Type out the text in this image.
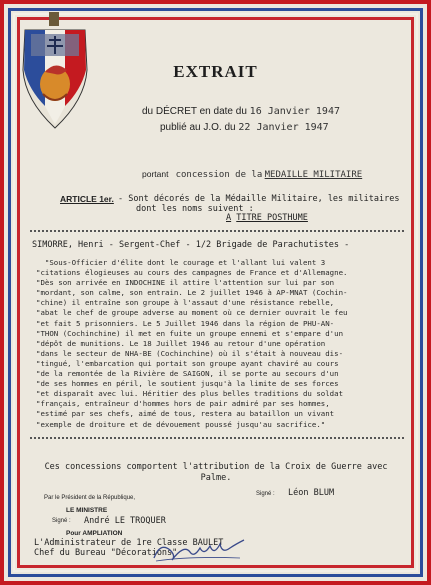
EXTRAIT
du DÉCRET en date du 16 Janvier 1947
publié au J.O. du 22 Janvier 1947
portant concession de la MEDAILLE MILITAIRE
ARTICLE 1er. - Sont décorés de la Médaille Militaire, les militaires
dont les noms suivent :
A TITRE POSTHUME
SIMORRE, Henri - Sergent-Chef - 1/2 Brigade de Parachutistes -
"Sous-Officier d'élite dont le courage et l'allant lui valent 3
"citations élogieuses au cours des campagnes de France et d'Allemagne.
"Dès son arrivée en INDOCHINE il attire l'attention sur lui par son
"mordant, son calme, son entrain. Le 2 juillet 1946 à AP-MNAT (Cochin-
"chine) il entraîne son groupe à l'assaut d'une résistance rebelle,
"abat le chef de groupe adverse au moment où ce dernier ouvrait le feu
"et fait 5 prisonniers. Le 5 Juillet 1946 dans la région de PHU-AN-
"THON (Cochinchine) il met en fuite un groupe ennemi et s'empare d'un
"dépôt de munitions. Le 18 Juillet 1946 au retour d'une opération
"dans le secteur de NHA-BE (Cochinchine) où il s'était à nouveau dis-
"tingué, l'embarcation qui portait son groupe ayant chaviré au cours
"de la remontée de la Rivière de SAIGON, il se porte au secours d'un
"de ses hommes en péril, le soutient jusqu'à la limite de ses forces
"et disparaît avec lui. Héritier des plus belles traditions du soldat
"français, entraîneur d'hommes hors de pair admiré par ses hommes,
"estimé par ses chefs, aimé de tous, restera au bataillon un vivant
"exemple de droiture et de dévouement poussé jusqu'au sacrifice."
Ces concessions comportent l'attribution de la Croix de Guerre avec Palme.
Par le Président de la République,
LE MINISTRE
Signé : André LE TROQUER
Signé : Léon BLUM
Pour AMPLIATION
L'Administrateur de 1re Classe BAULET
Chef du Bureau "Décorations"
